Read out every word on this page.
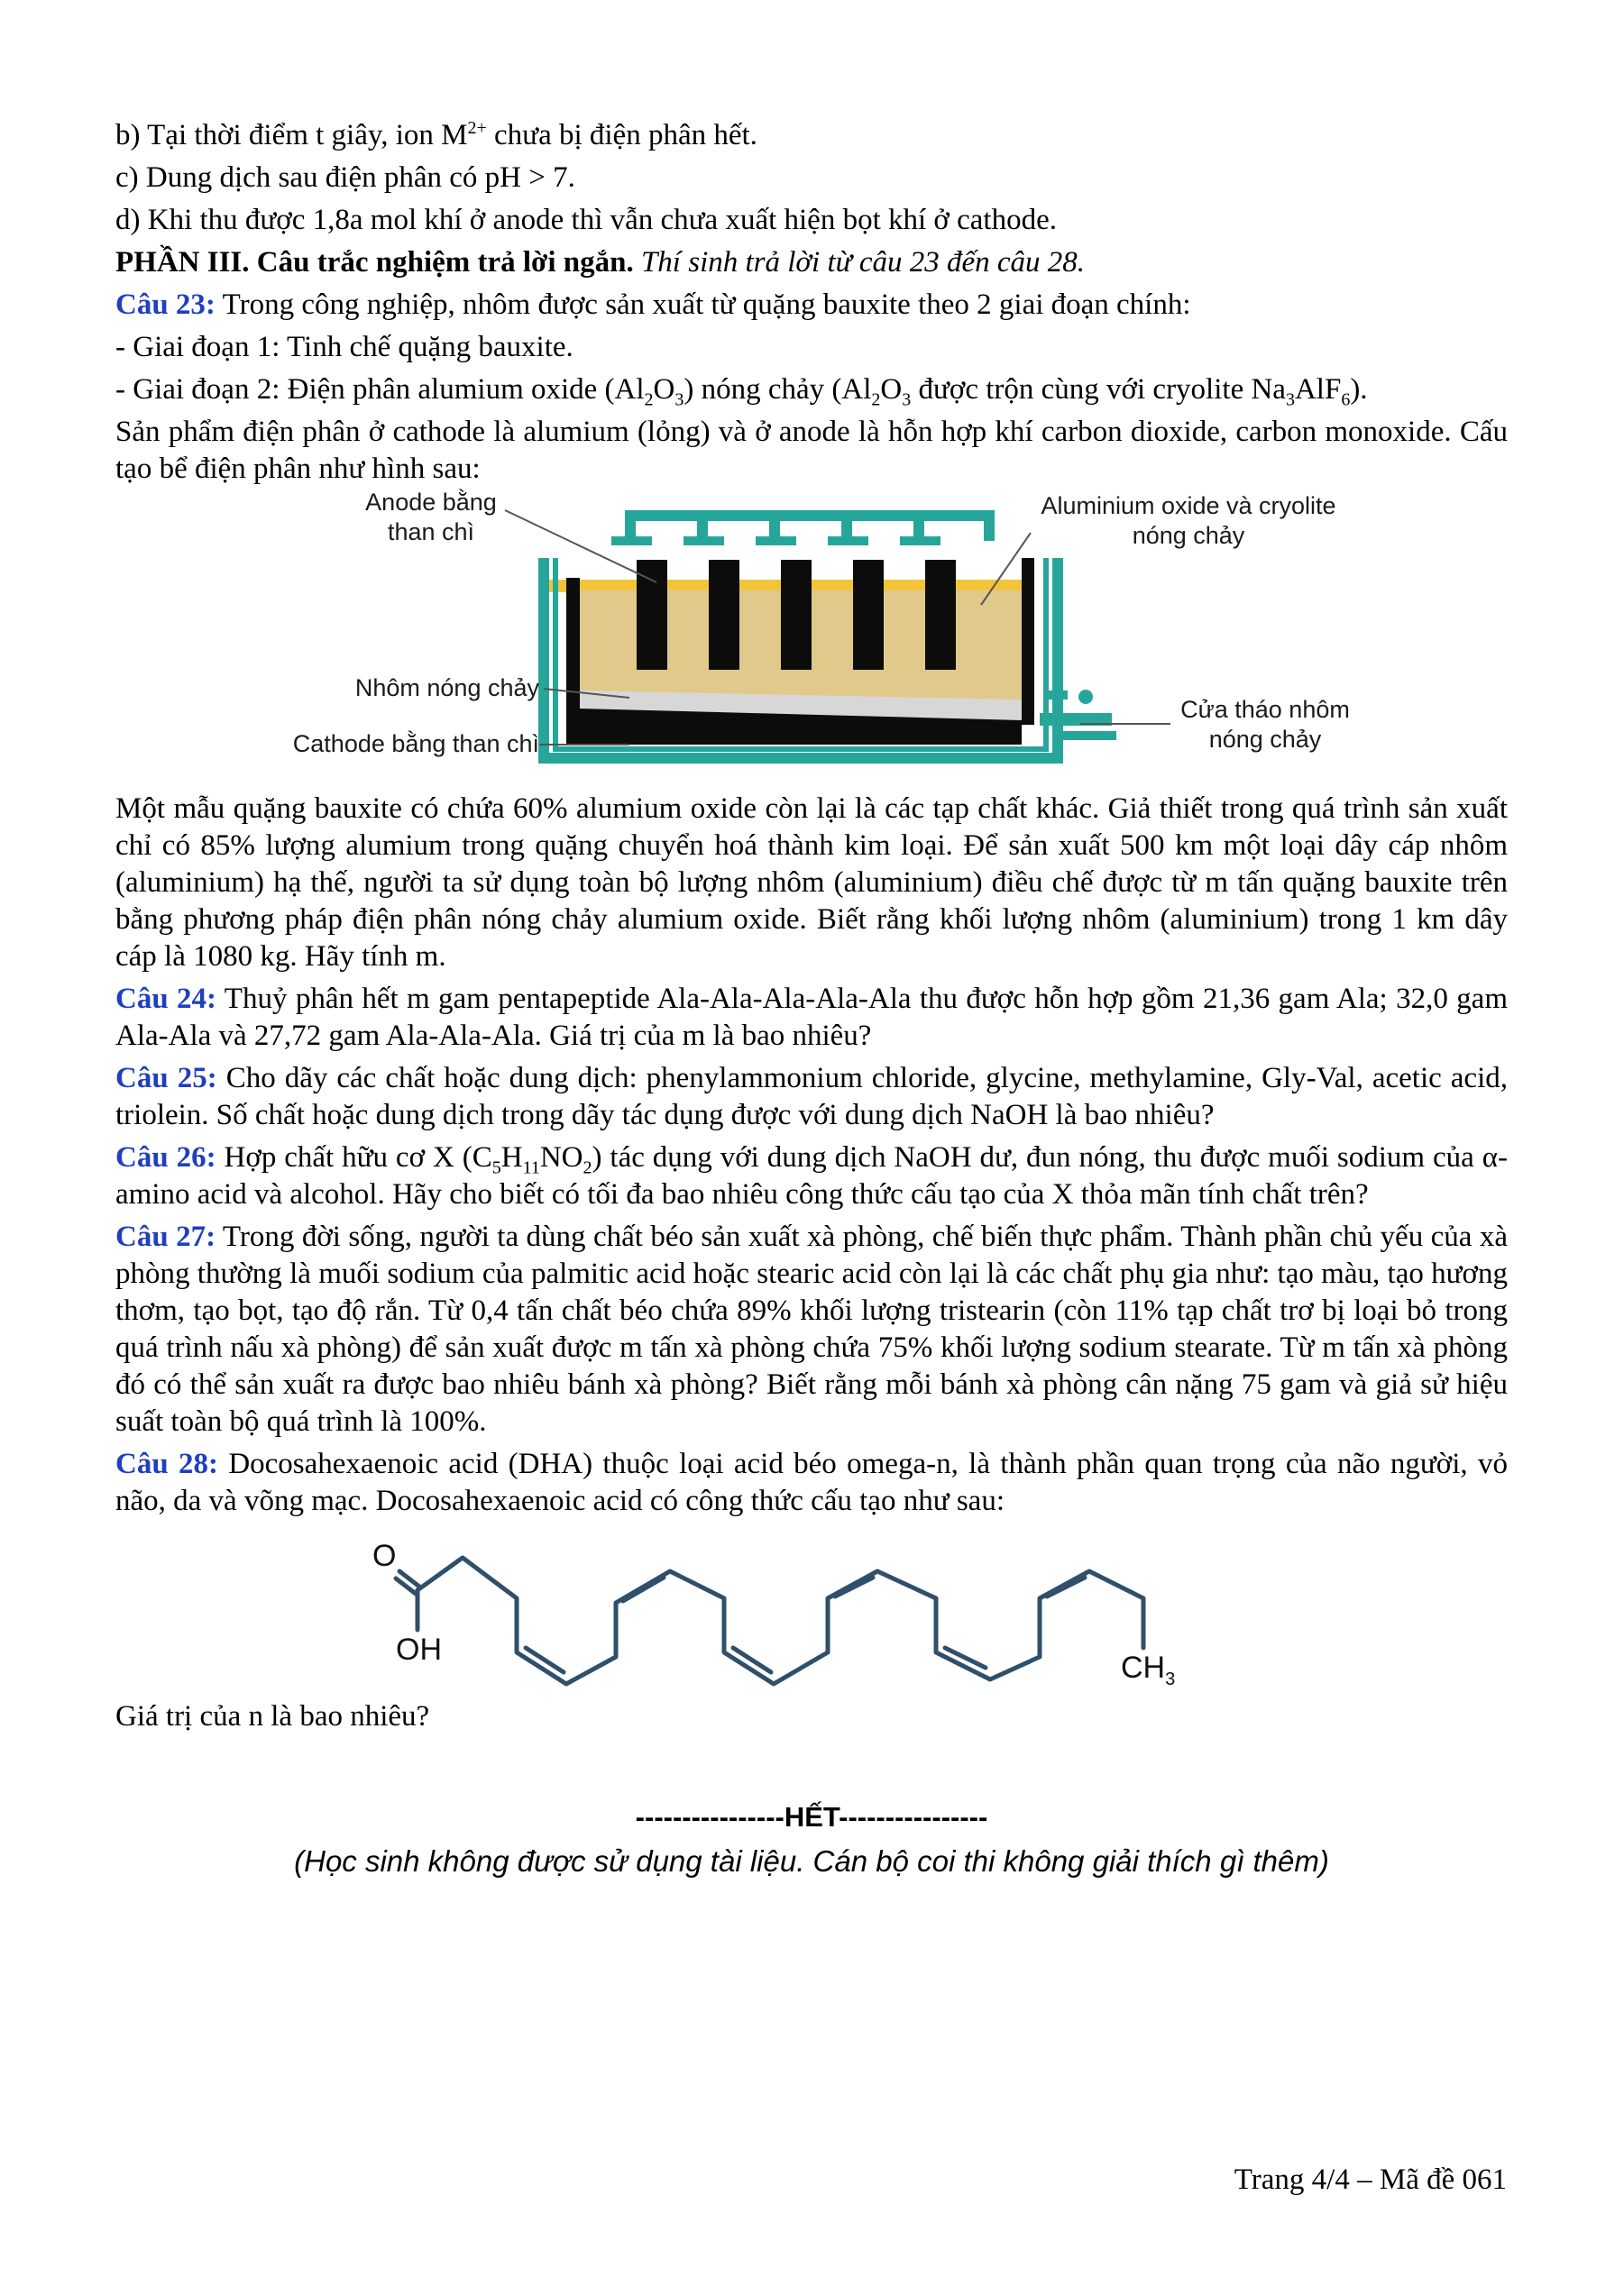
b) Tại thời điểm t giây, ion $M^{2+}$ chưa bị điện phân hết.

c) Dung dịch sau điện phân có pH > 7.

d) Khi thu được 1,8a mol khí ở anode thì vẫn chưa xuất hiện bọt khí ở cathode.

PHẦN III. Câu trắc nghiệm trả lời ngắn. Thí sinh trả lời từ câu 23 đến câu 28.

Câu 23: Trong công nghiệp, nhôm được sản xuất từ quặng bauxite theo 2 giai đoạn chính:

- Giai đoạn 1: Tinh chế quặng bauxite.

- Giai đoạn 2: Điện phân alumium oxide $(Al_2O_3)$ nóng chảy ($Al_2O_3$ được trộn cùng với cryolite $Na_3AlF_6$).

Sản phẩm điện phân ở cathode là alumium (lỏng) và ở anode là hỗn hợp khí carbon dioxide, carbon monoxide. Cấu tạo bể điện phân như hình sau:

Anode bằng
than chì
Aluminium oxide và cryolite
nóng chảy
Nhôm nóng chảy
Cathode bằng than chì
Cửa tháo nhôm
nóng chảy

Một mẫu quặng bauxite có chứa 60% alumium oxide còn lại là các tạp chất khác. Giả thiết trong quá trình sản xuất chỉ có 85% lượng alumium trong quặng chuyển hoá thành kim loại. Để sản xuất 500 km một loại dây cáp nhôm (aluminium) hạ thế, người ta sử dụng toàn bộ lượng nhôm (aluminium) điều chế được từ m tấn quặng bauxite trên bằng phương pháp điện phân nóng chảy alumium oxide. Biết rằng khối lượng nhôm (aluminium) trong 1 km dây cáp là 1080 kg. Hãy tính m.

Câu 24: Thuỷ phân hết m gam pentapeptide Ala-Ala-Ala-Ala-Ala thu được hỗn hợp gồm 21,36 gam Ala; 32,0 gam Ala-Ala và 27,72 gam Ala-Ala-Ala. Giá trị của m là bao nhiêu?

Câu 25: Cho dãy các chất hoặc dung dịch: phenylammonium chloride, glycine, methylamine, Gly-Val, acetic acid, triolein. Số chất hoặc dung dịch trong dãy tác dụng được với dung dịch NaOH là bao nhiêu?

Câu 26: Hợp chất hữu cơ X $(C_5H_{11}NO_2)$ tác dụng với dung dịch NaOH dư, đun nóng, thu được muối sodium của α-amino acid và alcohol. Hãy cho biết có tối đa bao nhiêu công thức cấu tạo của X thỏa mãn tính chất trên?

Câu 27: Trong đời sống, người ta dùng chất béo sản xuất xà phòng, chế biến thực phẩm. Thành phần chủ yếu của xà phòng thường là muối sodium của palmitic acid hoặc stearic acid còn lại là các chất phụ gia như: tạo màu, tạo hương thơm, tạo bọt, tạo độ rắn. Từ 0,4 tấn chất béo chứa 89% khối lượng tristearin (còn 11% tạp chất trơ bị loại bỏ trong quá trình nấu xà phòng) để sản xuất được m tấn xà phòng chứa 75% khối lượng sodium stearate. Từ m tấn xà phòng đó có thể sản xuất ra được bao nhiêu bánh xà phòng? Biết rằng mỗi bánh xà phòng cân nặng 75 gam và giả sử hiệu suất toàn bộ quá trình là 100%.

Câu 28: Docosahexaenoic acid (DHA) thuộc loại acid béo omega-n, là thành phần quan trọng của não người, vỏ não, da và võng mạc. Docosahexaenoic acid có công thức cấu tạo như sau:

O
OH
$CH_3$

Giá trị của n là bao nhiêu?

----------------HẾT----------------

(Học sinh không được sử dụng tài liệu. Cán bộ coi thi không giải thích gì thêm)

Trang 4/4 – Mã đề 061
